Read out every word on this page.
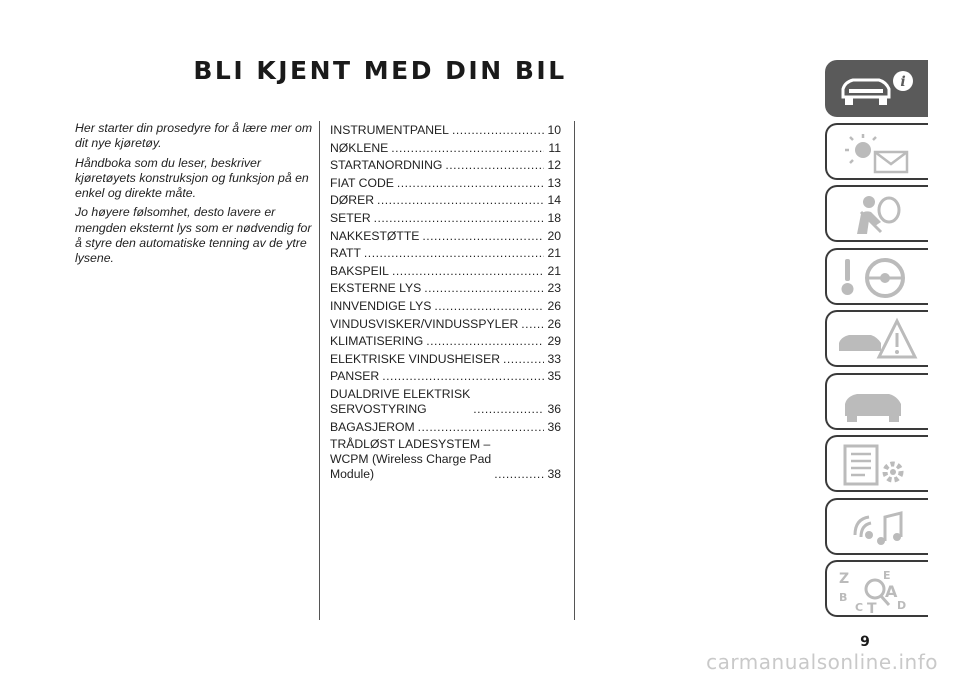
BLI KJENT MED DIN BIL

Her starter din prosedyre for å lære mer om dit nye kjøretøy.

Håndboka som du leser, beskriver kjøretøyets konstruksjon og funksjon på en enkel og direkte måte.

Jo høyere følsomhet, desto lavere er mengden eksternt lys som er nødvendig for å styre den automatiske tenning av de ytre lysene.

INSTRUMENTPANEL .....	10
NØKLENE .....	11
STARTANORDNING .....	12
FIAT CODE .....	13
DØRER .....	14
SETER .....	18
NAKKESTØTTE .....	20
RATT .....	21
BAKSPEIL .....	21
EKSTERNE LYS .....	23
INNVENDIGE LYS .....	26
VINDUSVISKER/VINDUSSPYLER ..... 26
KLIMATISERING .....	29
ELEKTRISKE VINDUSHEISER .....	33
PANSER .....	35
DUALDRIVE ELEKTRISK
SERVOSTYRING .....	36
BAGASJEROM .....	36
TRÅDLØST LADESYSTEM –
WCPM (Wireless Charge Pad
Module) .....	38
i
Z	E
B A
C T D
9
carmanualsonline.info
